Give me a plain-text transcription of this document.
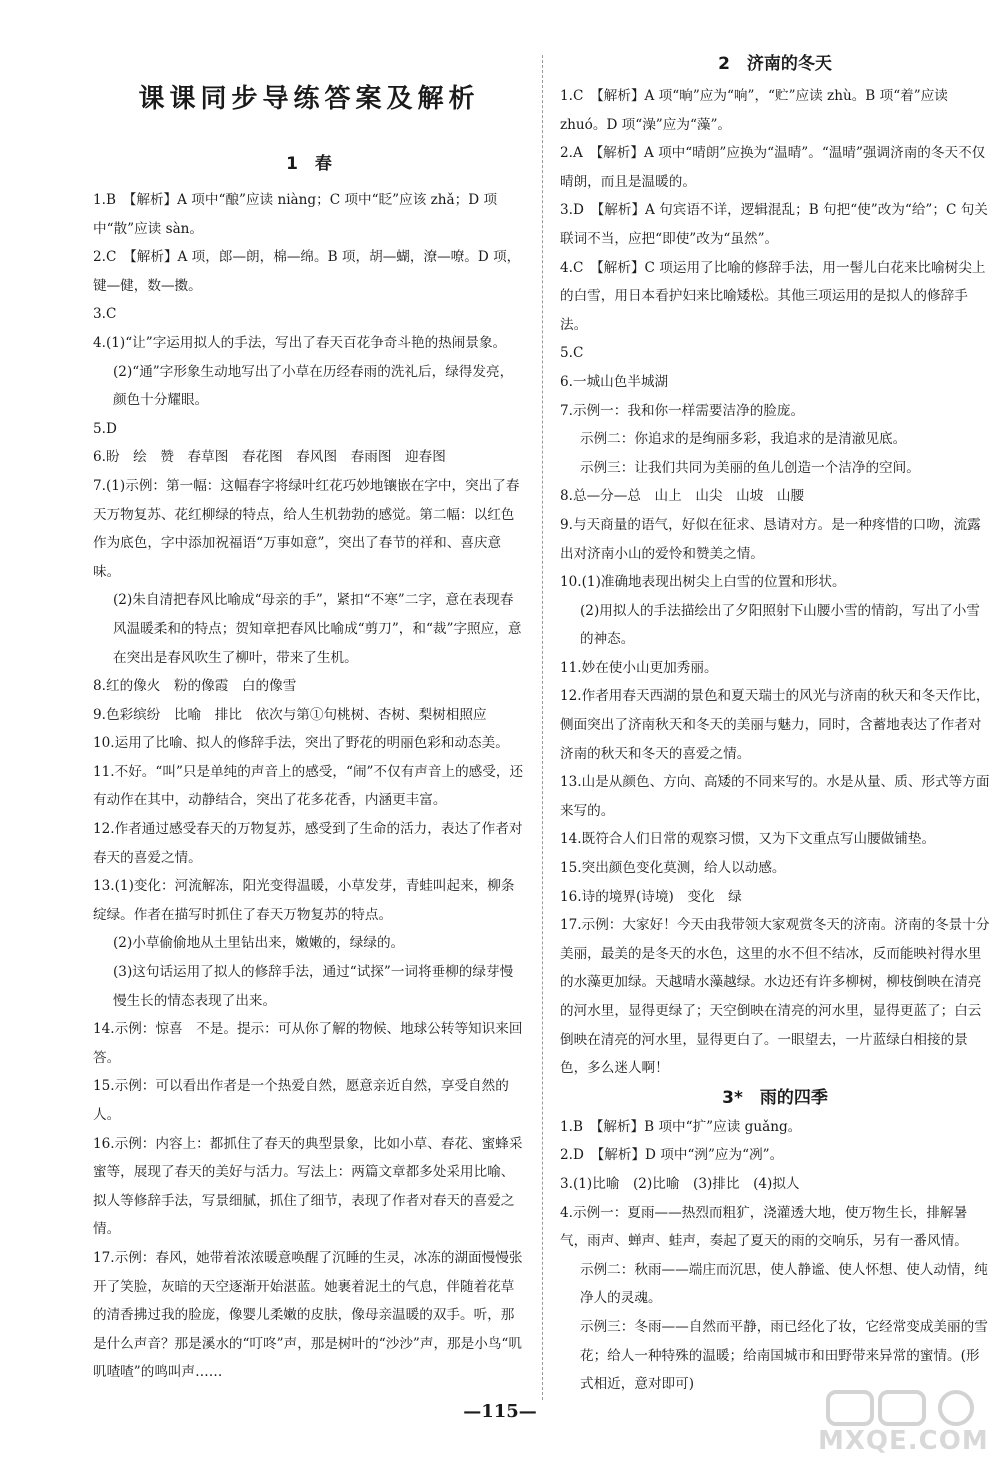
课课同步导练答案及解析
1　春

1.B　【解析】A 项中“酿”应读 niàng；C 项中“眨”应该 zhǎ；D 项中“散”应读 sàn。

2.C　【解析】A 项，郎—朗，棉—绵。B 项，胡—蝴，潦—嘹。D 项，键—健，数—擞。

3.C

4.(1)“让”字运用拟人的手法，写出了春天百花争奇斗艳的热闹景象。

(2)“通”字形象生动地写出了小草在历经春雨的洗礼后，绿得发亮，颜色十分耀眼。

5.D

6.盼　绘　赞　春草图　春花图　春风图　春雨图　迎春图

7.(1)示例：第一幅：这幅春字将绿叶红花巧妙地镶嵌在字中，突出了春天万物复苏、花红柳绿的特点，给人生机勃勃的感觉。第二幅：以红色作为底色，字中添加祝福语“万事如意”，突出了春节的祥和、喜庆意味。

(2)朱自清把春风比喻成“母亲的手”，紧扣“不寒”二字，意在表现春风温暖柔和的特点；贺知章把春风比喻成“剪刀”，和“裁”字照应，意在突出是春风吹生了柳叶，带来了生机。

8.红的像火　粉的像霞　白的像雪

9.色彩缤纷　比喻　排比　依次与第①句桃树、杏树、梨树相照应

10.运用了比喻、拟人的修辞手法，突出了野花的明丽色彩和动态美。

11.不好。“叫”只是单纯的声音上的感受，“闹”不仅有声音上的感受，还有动作在其中，动静结合，突出了花多花香，内涵更丰富。

12.作者通过感受春天的万物复苏，感受到了生命的活力，表达了作者对春天的喜爱之情。

13.(1)变化：河流解冻，阳光变得温暖，小草发芽，青蛙叫起来，柳条绽绿。作者在描写时抓住了春天万物复苏的特点。

(2)小草偷偷地从土里钻出来，嫩嫩的，绿绿的。

(3)这句话运用了拟人的修辞手法，通过“试探”一词将垂柳的绿芽慢慢生长的情态表现了出来。

14.示例：惊喜　不是。提示：可从你了解的物候、地球公转等知识来回答。

15.示例：可以看出作者是一个热爱自然，愿意亲近自然，享受自然的人。

16.示例：内容上：都抓住了春天的典型景象，比如小草、春花、蜜蜂采蜜等，展现了春天的美好与活力。写法上：两篇文章都多处采用比喻、拟人等修辞手法，写景细腻，抓住了细节，表现了作者对春天的喜爱之情。

17.示例：春风，她带着浓浓暖意唤醒了沉睡的生灵，冰冻的湖面慢慢张开了笑脸，灰暗的天空逐渐开始湛蓝。她裹着泥土的气息，伴随着花草的清香拂过我的脸庞，像婴儿柔嫩的皮肤，像母亲温暖的双手。听，那是什么声音？那是溪水的“叮咚”声，那是树叶的“沙沙”声，那是小鸟“叽叽喳喳”的鸣叫声……

2　济南的冬天

1.C　【解析】A 项“晌”应为“响”，“贮”应读 zhù。B 项“着”应读 zhuó。D 项“澡”应为“藻”。

2.A　【解析】A 项中“晴朗”应换为“温晴”。“温晴”强调济南的冬天不仅晴朗，而且是温暖的。

3.D　【解析】A 句宾语不详，逻辑混乱；B 句把“使”改为“给”；C 句关联词不当，应把“即使”改为“虽然”。

4.C　【解析】C 项运用了比喻的修辞手法，用一髻儿白花来比喻树尖上的白雪，用日本看护妇来比喻矮松。其他三项运用的是拟人的修辞手法。

5.C

6.一城山色半城湖

7.示例一：我和你一样需要洁净的脸庞。

示例二：你追求的是绚丽多彩，我追求的是清澈见底。

示例三：让我们共同为美丽的鱼儿创造一个洁净的空间。

8.总—分—总　山上　山尖　山坡　山腰

9.与天商量的语气，好似在征求、恳请对方。是一种疼惜的口吻，流露出对济南小山的爱怜和赞美之情。

10.(1)准确地表现出树尖上白雪的位置和形状。

(2)用拟人的手法描绘出了夕阳照射下山腰小雪的情韵，写出了小雪的神态。

11.妙在使小山更加秀丽。

12.作者用春天西湖的景色和夏天瑞士的风光与济南的秋天和冬天作比，侧面突出了济南秋天和冬天的美丽与魅力，同时，含蓄地表达了作者对济南的秋天和冬天的喜爱之情。

13.山是从颜色、方向、高矮的不同来写的。水是从量、质、形式等方面来写的。

14.既符合人们日常的观察习惯，又为下文重点写山腰做铺垫。

15.突出颜色变化莫测，给人以动感。

16.诗的境界(诗境)　变化　绿

17.示例：大家好！今天由我带领大家观赏冬天的济南。济南的冬景十分美丽，最美的是冬天的水色，这里的水不但不结冰，反而能映衬得水里的水藻更加绿。天越晴水藻越绿。水边还有许多柳树，柳枝倒映在清亮的河水里，显得更绿了；天空倒映在清亮的河水里，显得更蓝了；白云倒映在清亮的河水里，显得更白了。一眼望去，一片蓝绿白相接的景色，多么迷人啊！

3*　雨的四季

1.B　【解析】B 项中“扩”应读 guǎng。

2.D　【解析】D 项中“洌”应为“冽”。

3.(1)比喻　(2)比喻　(3)排比　(4)拟人

4.示例一：夏雨——热烈而粗犷，浇灌透大地，使万物生长，排解暑气，雨声、蝉声、蛙声，奏起了夏天的雨的交响乐，另有一番风情。

示例二：秋雨——端庄而沉思，使人静谧、使人怀想、使人动情，纯净人的灵魂。

示例三：冬雨——自然而平静，雨已经化了妆，它经常变成美丽的雪花；给人一种特殊的温暖；给南国城市和田野带来异常的蜜情。(形式相近，意对即可)

—115—
MXQE.COM
